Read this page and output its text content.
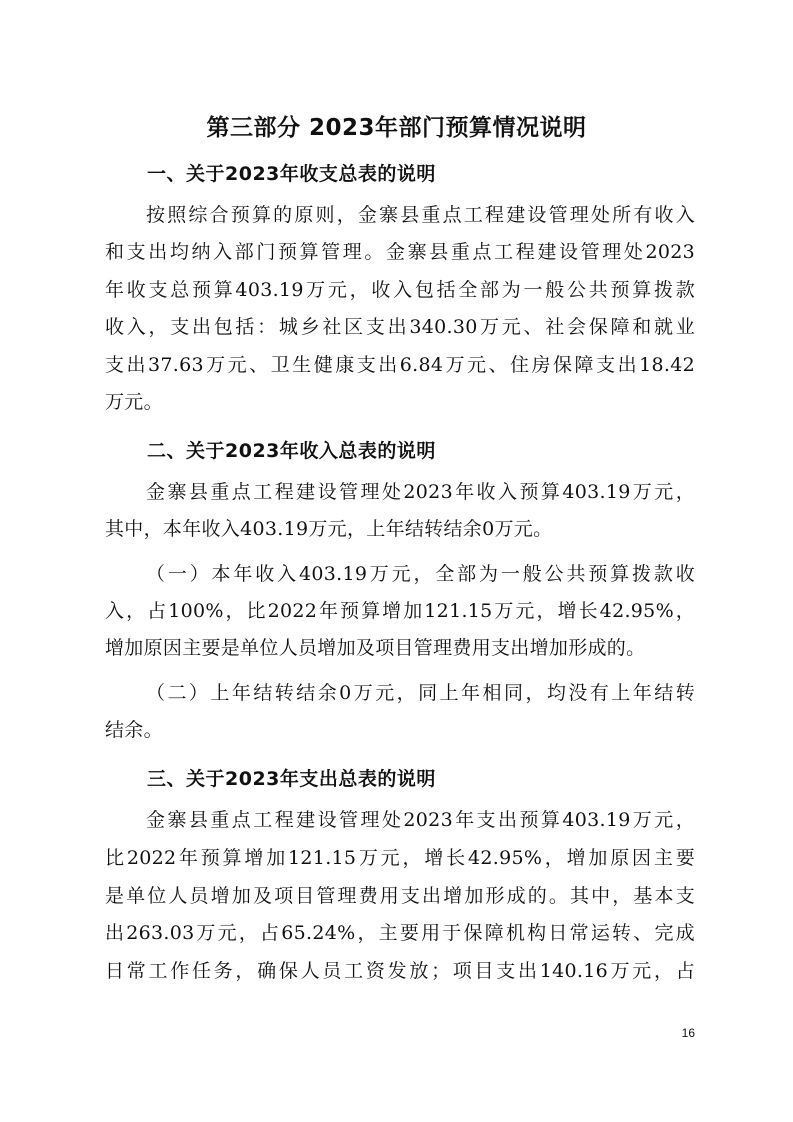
第三部分 2023年部门预算情况说明
一、关于2023年收支总表的说明
按照综合预算的原则，金寨县重点工程建设管理处所有收入
和支出均纳入部门预算管理。金寨县重点工程建设管理处2023
年收支总预算403.19万元，收入包括全部为一般公共预算拨款
收入，支出包括：城乡社区支出340.30万元、社会保障和就业
支出37.63万元、卫生健康支出6.84万元、住房保障支出18.42
万元。
二、关于2023年收入总表的说明
金寨县重点工程建设管理处2023年收入预算403.19万元，
其中，本年收入403.19万元，上年结转结余0万元。
（一）本年收入403.19万元，全部为一般公共预算拨款收
入，占100%，比2022年预算增加121.15万元，增长42.95%，
增加原因主要是单位人员增加及项目管理费用支出增加形成的。
（二）上年结转结余0万元，同上年相同，均没有上年结转
结余。
三、关于2023年支出总表的说明
金寨县重点工程建设管理处2023年支出预算403.19万元，
比2022年预算增加121.15万元，增长42.95%，增加原因主要
是单位人员增加及项目管理费用支出增加形成的。其中，基本支
出263.03万元，占65.24%，主要用于保障机构日常运转、完成
日常工作任务，确保人员工资发放；项目支出140.16万元，占
16
